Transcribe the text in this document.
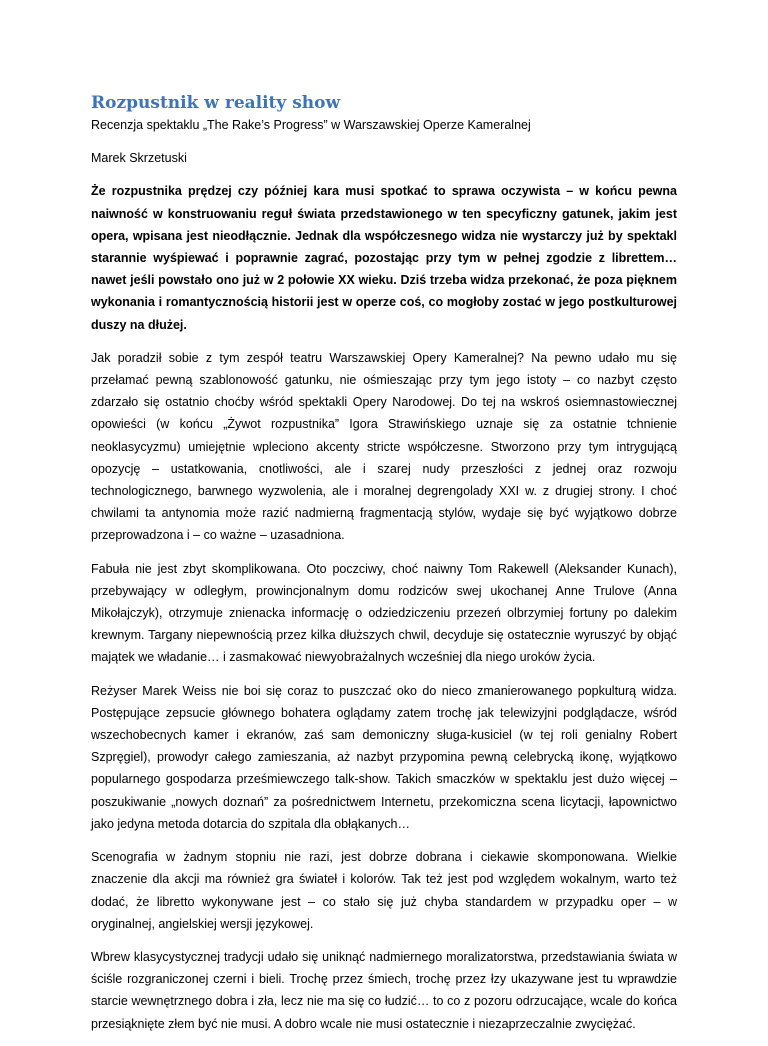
Rozpustnik w reality show
Recenzja spektaklu „The Rake’s Progress” w Warszawskiej Operze Kameralnej
Marek Skrzetuski
Że rozpustnika prędzej czy później kara musi spotkać to sprawa oczywista – w końcu pewna naiwność w konstruowaniu reguł świata przedstawionego w ten specyficzny gatunek, jakim jest opera, wpisana jest nieodłącznie. Jednak dla współczesnego widza nie wystarczy już by spektakl starannie wyśpiewać i poprawnie zagrać, pozostając przy tym w pełnej zgodzie z librettem… nawet jeśli powstało ono już w 2 połowie XX wieku. Dziś trzeba widza przekonać, że poza pięknem wykonania i romantycznością historii jest w operze coś, co mogłoby zostać w jego postkulturowej duszy na dłużej.
Jak poradził sobie z tym zespół teatru Warszawskiej Opery Kameralnej? Na pewno udało mu się przełamać pewną szablonowość gatunku, nie ośmieszając przy tym jego istoty – co nazbyt często zdarzało się ostatnio choćby wśród spektakli Opery Narodowej. Do tej na wskroś osiemnastowiecznej opowieści (w końcu „Żywot rozpustnika” Igora Strawińskiego uznaje się za ostatnie tchnienie neoklasycyzmu) umiejętnie wpleciono akcenty stricte współczesne. Stworzono przy tym intrygującą opozycję – ustatkowania, cnotliwości, ale i szarej nudy przeszłości z jednej oraz rozwoju technologicznego, barwnego wyzwolenia, ale i moralnej degrengolady XXI w. z drugiej strony. I choć chwilami ta antynomia może razić nadmierną fragmentacją stylów, wydaje się być wyjątkowo dobrze przeprowadzona i – co ważne – uzasadniona.
Fabuła nie jest zbyt skomplikowana. Oto poczciwy, choć naiwny Tom Rakewell (Aleksander Kunach), przebywający w odległym, prowincjonalnym domu rodziców swej ukochanej Anne Trulove (Anna Mikołajczyk), otrzymuje znienacka informację o odziedziczeniu przezeń olbrzymiej fortuny po dalekim krewnym. Targany niepewnością przez kilka dłuższych chwil, decyduje się ostatecznie wyruszyć by objąć majątek we władanie… i zasmakować niewyobrażalnych wcześniej dla niego uroków życia.
Reżyser Marek Weiss nie boi się coraz to puszczać oko do nieco zmanierowanego popkulturą widza. Postępujące zepsucie głównego bohatera oglądamy zatem trochę jak telewizyjni podglądacze, wśród wszechobecnych kamer i ekranów, zaś sam demoniczny sługa-kusiciel (w tej roli genialny Robert Szpręgiel), prowodyr całego zamieszania, aż nazbyt przypomina pewną celebrycką ikonę, wyjątkowo popularnego gospodarza prześmiewczego talk-show. Takich smaczków w spektaklu jest dużo więcej – poszukiwanie „nowych doznań” za pośrednictwem Internetu, przekomiczna scena licytacji, łapownictwo jako jedyna metoda dotarcia do szpitala dla obłąkanych…
Scenografia w żadnym stopniu nie razi, jest dobrze dobrana i ciekawie skomponowana. Wielkie znaczenie dla akcji ma również gra świateł i kolorów. Tak też jest pod względem wokalnym, warto też dodać, że libretto wykonywane jest – co stało się już chyba standardem w przypadku oper – w oryginalnej, angielskiej wersji językowej.
Wbrew klasycystycznej tradycji udało się uniknąć nadmiernego moralizatorstwa, przedstawiania świata w ściśle rozgraniczonej czerni i bieli. Trochę przez śmiech, trochę przez łzy ukazywane jest tu wprawdzie starcie wewnętrznego dobra i zła, lecz nie ma się co łudzić… to co z pozoru odrzucające, wcale do końca przesiąknięte złem być nie musi. A dobro wcale nie musi ostatecznie i niezaprzeczalnie zwyciężać.
